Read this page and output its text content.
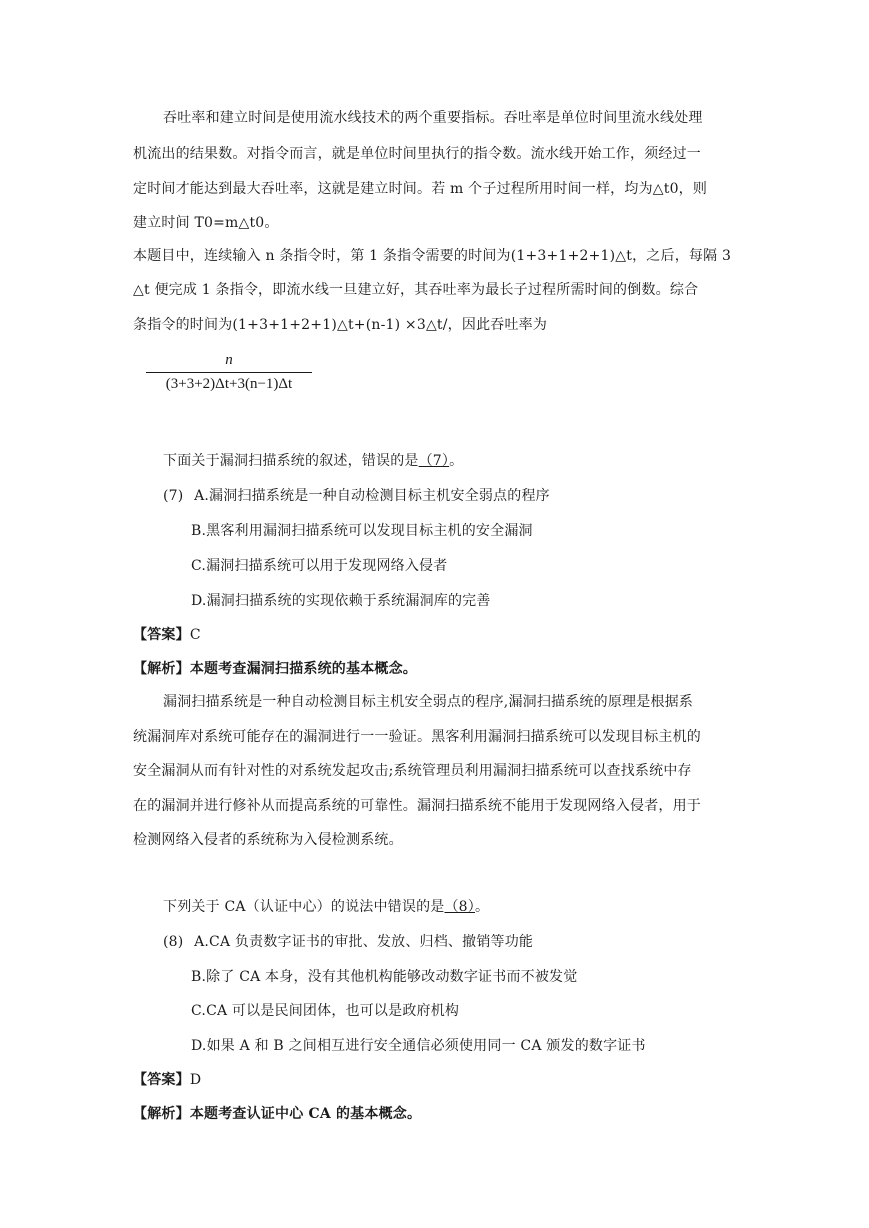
吞吐率和建立时间是使用流水线技术的两个重要指标。吞吐率是单位时间里流水线处理
机流出的结果数。对指令而言，就是单位时间里执行的指令数。流水线开始工作，须经过一
定时间才能达到最大吞吐率，这就是建立时间。若 m 个子过程所用时间一样，均为△t0，则
建立时间 T0=m△t0。
本题目中，连续输入 n 条指令时，第 1 条指令需要的时间为(1+3+1+2+1)△t，之后，每隔 3
△t 便完成 1 条指令，即流水线一旦建立好，其吞吐率为最长子过程所需时间的倒数。综合
条指令的时间为(1+3+1+2+1)△t+(n-1) ×3△t/，因此吞吐率为
n
(3+3+2)Δt+3(n−1)Δt
下面关于漏洞扫描系统的叙述，错误的是（7）。
(7) A.漏洞扫描系统是一种自动检测目标主机安全弱点的程序
B.黑客利用漏洞扫描系统可以发现目标主机的安全漏洞
C.漏洞扫描系统可以用于发现网络入侵者
D.漏洞扫描系统的实现依赖于系统漏洞库的完善
【答案】C
【解析】本题考查漏洞扫描系统的基本概念。
漏洞扫描系统是一种自动检测目标主机安全弱点的程序,漏洞扫描系统的原理是根据系
统漏洞库对系统可能存在的漏洞进行一一验证。黑客利用漏洞扫描系统可以发现目标主机的
安全漏洞从而有针对性的对系统发起攻击;系统管理员利用漏洞扫描系统可以查找系统中存
在的漏洞并进行修补从而提高系统的可靠性。漏洞扫描系统不能用于发现网络入侵者，用于
检测网络入侵者的系统称为入侵检测系统。
下列关于 CA（认证中心）的说法中错误的是（8）。
(8) A.CA 负责数字证书的审批、发放、归档、撤销等功能
B.除了 CA 本身，没有其他机构能够改动数字证书而不被发觉
C.CA 可以是民间团体，也可以是政府机构
D.如果 A 和 B 之间相互进行安全通信必须使用同一 CA 颁发的数字证书
【答案】D
【解析】本题考查认证中心 CA 的基本概念。
